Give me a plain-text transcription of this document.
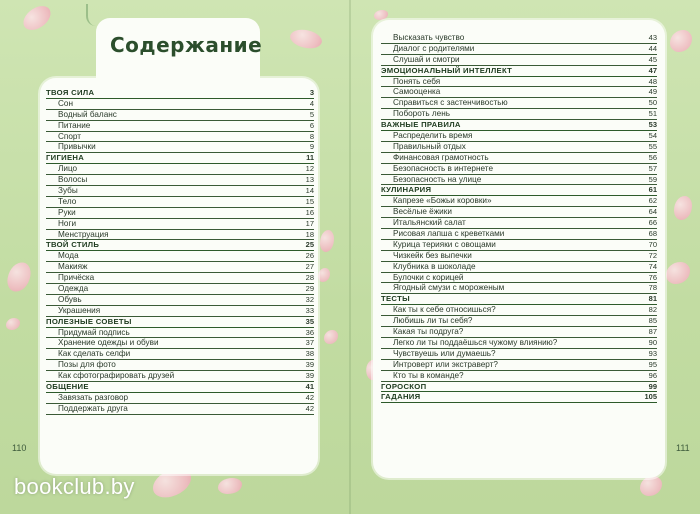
Содержание
ТВОЯ СИЛА	3
Сон	4
Водный баланс	5
Питание	6
Спорт	8
Привычки	9
ГИГИЕНА	11
Лицо	12
Волосы	13
Зубы	14
Тело	15
Руки	16
Ноги	17
Менструация	18
ТВОЙ СТИЛЬ	25
Мода	26
Макияж	27
Причёска	28
Одежда	29
Обувь	32
Украшения	33
ПОЛЕЗНЫЕ СОВЕТЫ	35
Придумай подпись	36
Хранение одежды и обуви	37
Как сделать селфи	38
Позы для фото	39
Как сфотографировать друзей	39
ОБЩЕНИЕ	41
Завязать разговор	42
Поддержать друга	42
Высказать чувство	43
Диалог с родителями	44
Слушай и смотри	45
ЭМОЦИОНАЛЬНЫЙ ИНТЕЛЛЕКТ	47
Понять себя	48
Самооценка	49
Справиться с застенчивостью	50
Побороть лень	51
ВАЖНЫЕ ПРАВИЛА	53
Распределить время	54
Правильный отдых	55
Финансовая грамотность	56
Безопасность в интернете	57
Безопасность на улице	59
КУЛИНАРИЯ	61
Капрезе «Божьи коровки»	62
Весёлые ёжики	64
Итальянский салат	66
Рисовая лапша с креветками	68
Курица терияки с овощами	70
Чизкейк без выпечки	72
Клубника в шоколаде	74
Булочки с корицей	76
Ягодный смузи с мороженым	78
ТЕСТЫ	81
Как ты к себе относишься?	82
Любишь ли ты себя?	85
Какая ты подруга?	87
Легко ли ты поддаёшься чужому влиянию?	90
Чувствуешь или думаешь?	93
Интроверт или экстраверт?	95
Кто ты в команде?	96
ГОРОСКОП	99
ГАДАНИЯ	105
110	111
bookclub.by
